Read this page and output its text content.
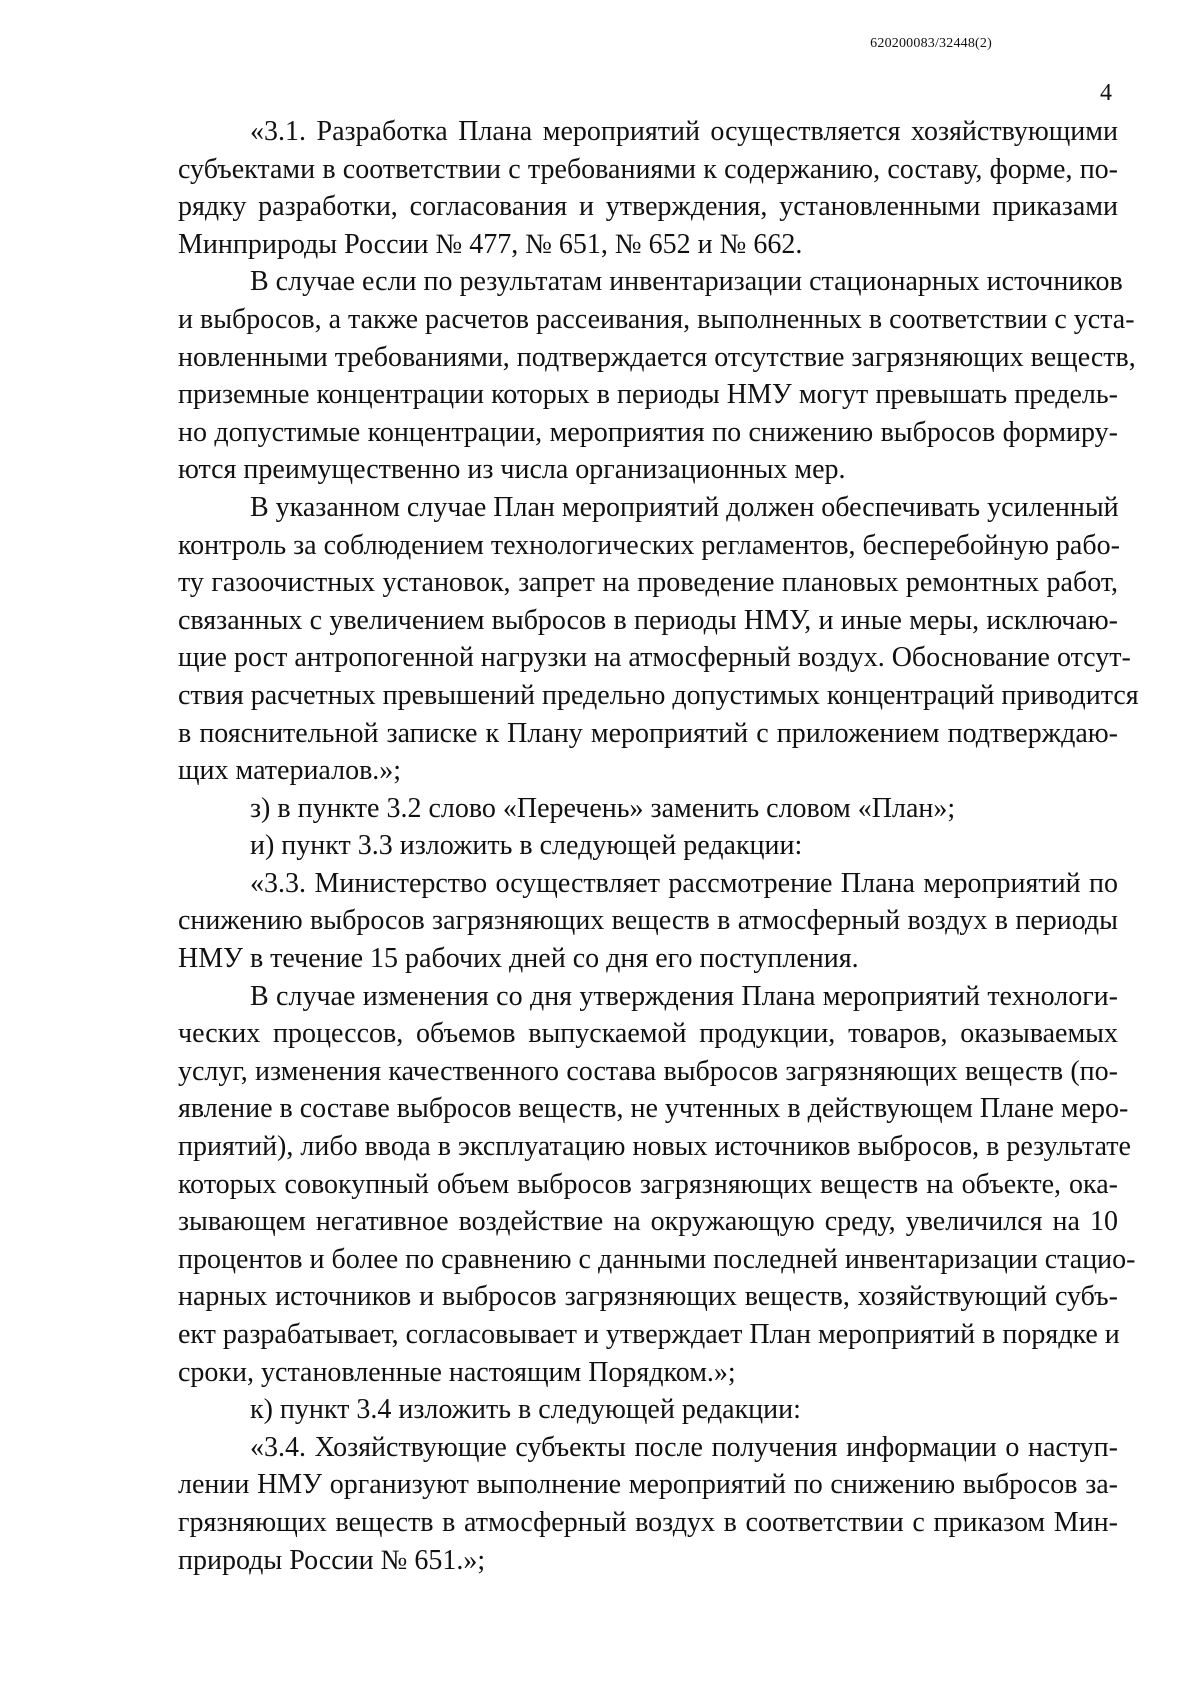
620200083/32448(2)
4

«3.1. Разработка Плана мероприятий осуществляется хозяйствующими
субъектами в соответствии с требованиями к содержанию, составу, форме, по-
рядку разработки, согласования и утверждения, установленными приказами
Минприроды России № 477, № 651, № 652 и № 662.

В случае если по результатам инвентаризации стационарных источников
и выбросов, а также расчетов рассеивания, выполненных в соответствии с уста-
новленными требованиями, подтверждается отсутствие загрязняющих веществ,
приземные концентрации которых в периоды НМУ могут превышать предель-
но допустимые концентрации, мероприятия по снижению выбросов формиру-
ются преимущественно из числа организационных мер.

В указанном случае План мероприятий должен обеспечивать усиленный
контроль за соблюдением технологических регламентов, бесперебойную рабо-
ту газоочистных установок, запрет на проведение плановых ремонтных работ,
связанных с увеличением выбросов в периоды НМУ, и иные меры, исключаю-
щие рост антропогенной нагрузки на атмосферный воздух. Обоснование отсут-
ствия расчетных превышений предельно допустимых концентраций приводится
в пояснительной записке к Плану мероприятий с приложением подтверждаю-
щих материалов.»;

з) в пункте 3.2 слово «Перечень» заменить словом «План»;

и) пункт 3.3 изложить в следующей редакции:

«3.3. Министерство осуществляет рассмотрение Плана мероприятий по
снижению выбросов загрязняющих веществ в атмосферный воздух в периоды
НМУ в течение 15 рабочих дней со дня его поступления.

В случае изменения со дня утверждения Плана мероприятий технологи-
ческих процессов, объемов выпускаемой продукции, товаров, оказываемых
услуг, изменения качественного состава выбросов загрязняющих веществ (по-
явление в составе выбросов веществ, не учтенных в действующем Плане меро-
приятий), либо ввода в эксплуатацию новых источников выбросов, в результате
которых совокупный объем выбросов загрязняющих веществ на объекте, ока-
зывающем негативное воздействие на окружающую среду, увеличился на 10
процентов и более по сравнению с данными последней инвентаризации стацио-
нарных источников и выбросов загрязняющих веществ, хозяйствующий субъ-
ект разрабатывает, согласовывает и утверждает План мероприятий в порядке и
сроки, установленные настоящим Порядком.»;

к) пункт 3.4 изложить в следующей редакции:

«3.4. Хозяйствующие субъекты после получения информации о наступ-
лении НМУ организуют выполнение мероприятий по снижению выбросов за-
грязняющих веществ в атмосферный воздух в соответствии с приказом Мин-
природы России № 651.»;
